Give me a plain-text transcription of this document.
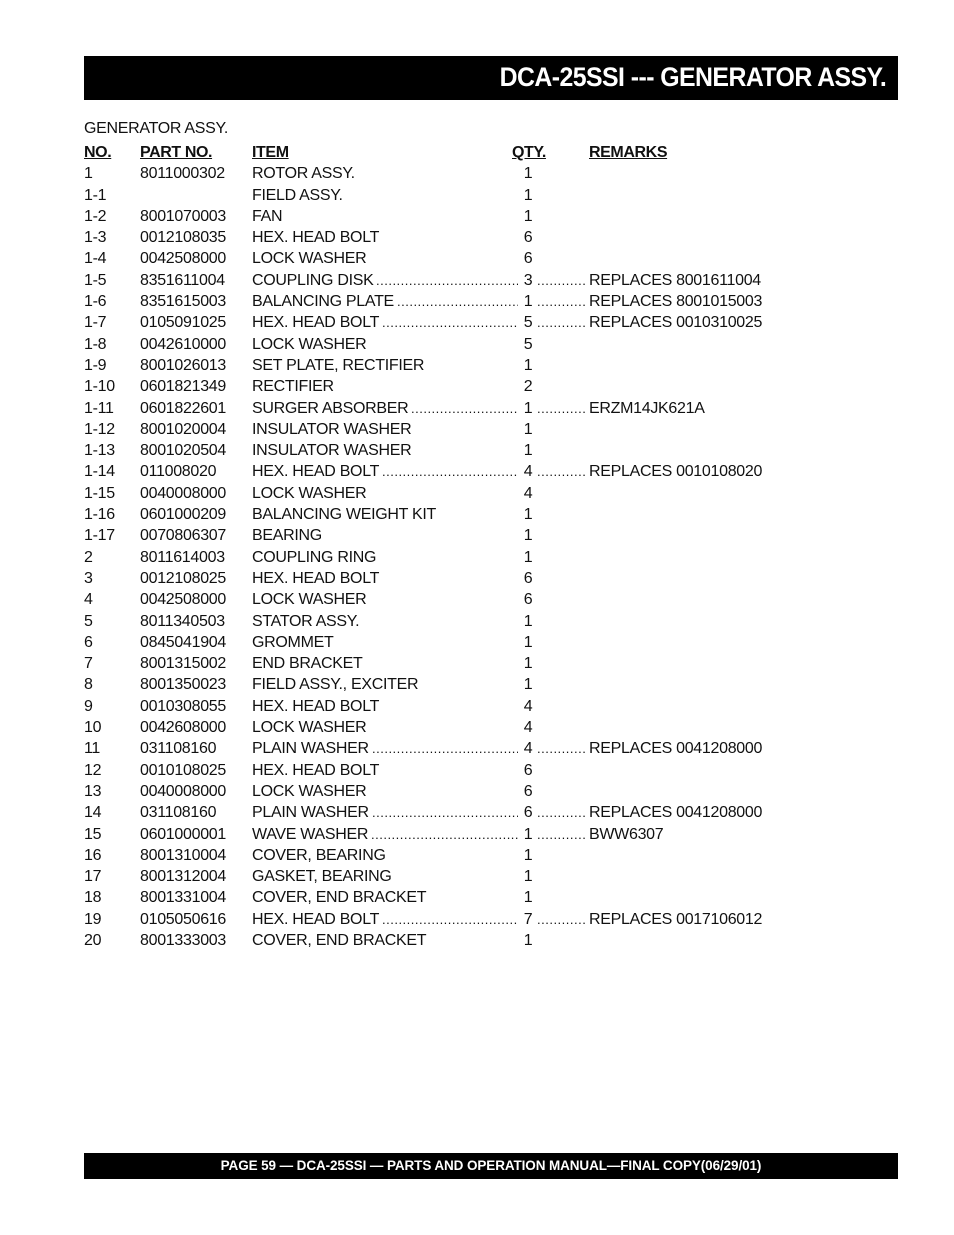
DCA-25SSI --- GENERATOR ASSY.
GENERATOR ASSY.
NO. PART NO. ITEM	QTY.	REMARKS
1	8011000302 ROTOR ASSY.	1
1-1	FIELD ASSY.	1
1-2 8001070003 FAN	1
1-3 0012108035 HEX. HEAD BOLT	6
1-4 0042508000 LOCK WASHER	6
1-5 8351611004 COUPLING DISK .....	3 .....	REPLACES 8001611004
1-6 8351615003 BALANCING PLATE .....	1 .....	REPLACES 8001015003
1-7 0105091025 HEX. HEAD BOLT .....	5 .....	REPLACES 0010310025
1-8 0042610000 LOCK WASHER	5
1-9 8001026013 SET PLATE, RECTIFIER	1
1-10 0601821349 RECTIFIER	2
1-11 0601822601 SURGER ABSORBER .....	1 .....	ERZM14JK621A
1-12 8001020004 INSULATOR WASHER	1
1-13 8001020504 INSULATOR WASHER	1
1-14 011008020 HEX. HEAD BOLT .....	4 .....	REPLACES 0010108020
1-15 0040008000 LOCK WASHER	4
1-16 0601000209 BALANCING WEIGHT KIT	1
1-17 0070806307 BEARING	1
2	8011614003 COUPLING RING	1
3	0012108025 HEX. HEAD BOLT	6
4	0042508000 LOCK WASHER	6
5	8011340503 STATOR ASSY.	1
6	0845041904 GROMMET	1
7	8001315002 END BRACKET	1
8	8001350023 FIELD ASSY., EXCITER	1
9	0010308055 HEX. HEAD BOLT	4
10 0042608000 LOCK WASHER	4
11 031108160 PLAIN WASHER .....	4 .....	REPLACES 0041208000
12 0010108025 HEX. HEAD BOLT	6
13 0040008000 LOCK WASHER	6
14 031108160 PLAIN WASHER .....	6 .....	REPLACES 0041208000
15 0601000001 WAVE WASHER .....	1 .....	BWW6307
16 8001310004 COVER, BEARING	1
17 8001312004 GASKET, BEARING	1
18 8001331004 COVER, END BRACKET	1
19 0105050616 HEX. HEAD BOLT .....	7 .....	REPLACES 0017106012
20 8001333003 COVER, END BRACKET	1
PAGE 59 — DCA-25SSI — PARTS AND OPERATION MANUAL—FINAL COPY(06/29/01)
